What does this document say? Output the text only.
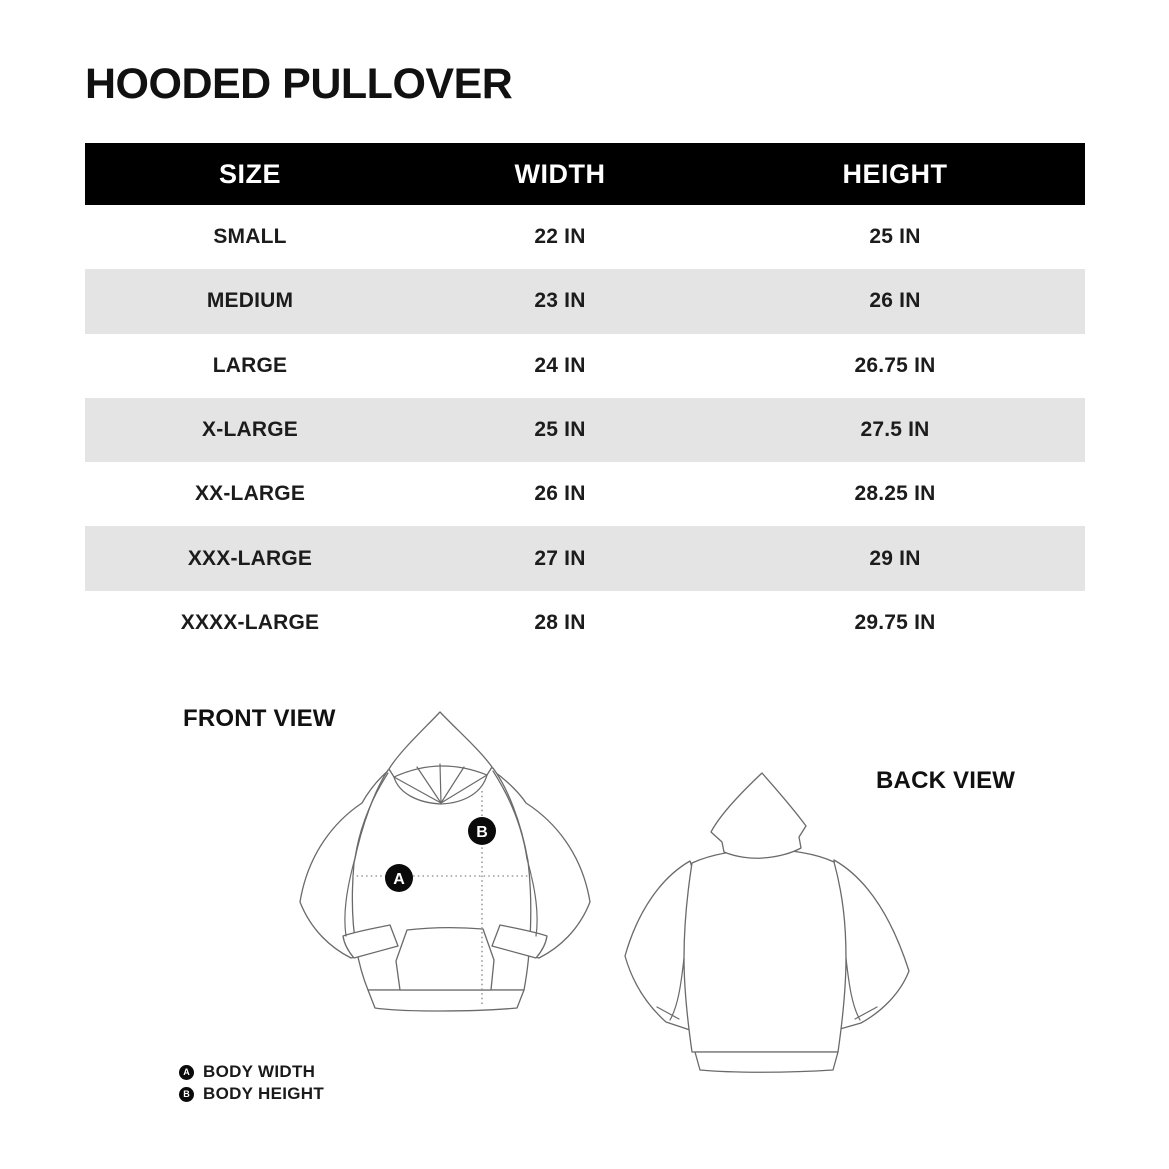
HOODED PULLOVER
SIZE	WIDTH	HEIGHT
SMALL	22 IN	25 IN
MEDIUM	23 IN	26 IN
LARGE	24 IN	26.75 IN
X-LARGE	25 IN	27.5 IN
XX-LARGE	26 IN	28.25 IN
XXX-LARGE	27 IN	29 IN
XXXX-LARGE	28 IN	29.75 IN
FRONT VIEW
BACK VIEW
A
B
A BODY WIDTH
B BODY HEIGHT
